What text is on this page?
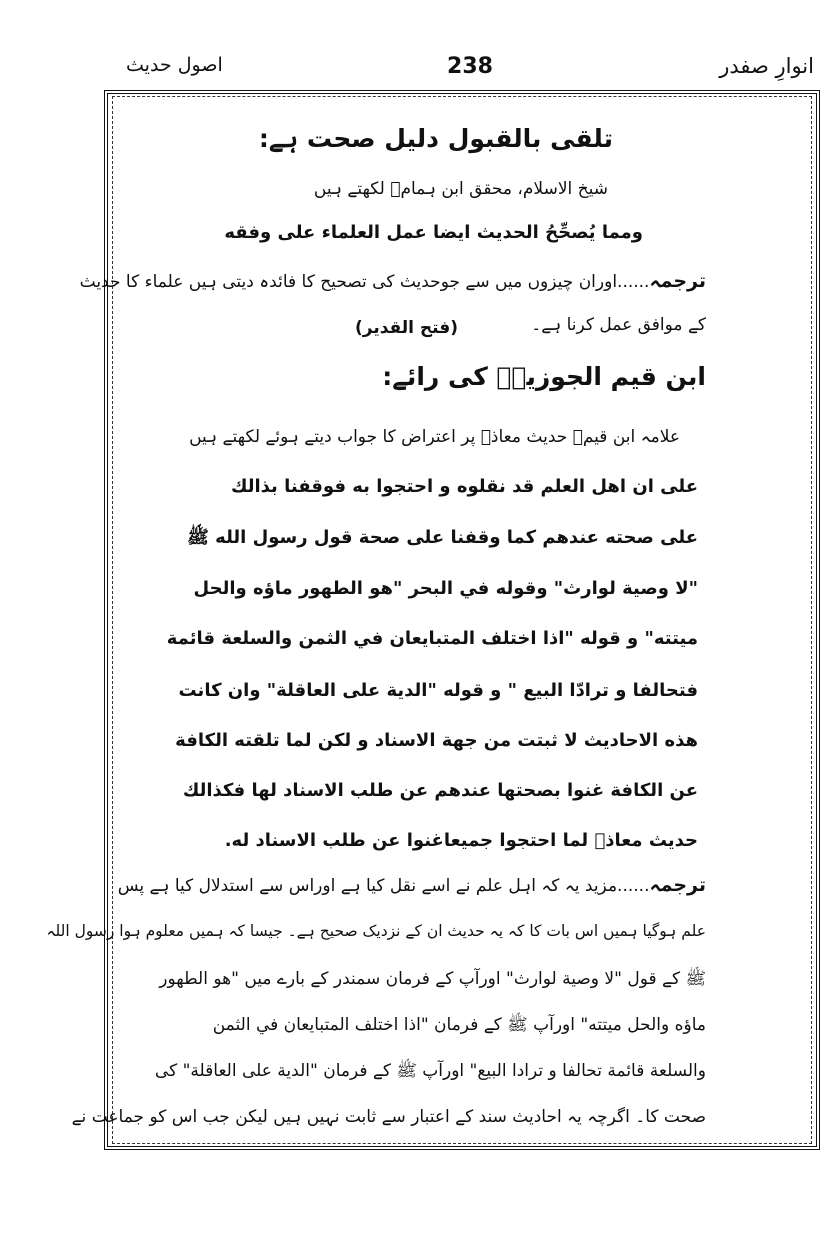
انوارِ صفدر
238
اصول حدیث
تلقی بالقبول دلیل صحت ہے:
شیخ الاسلام، محقق ابن ہمامؒ لکھتے ہیں
ومما يُصحِّحُ الحديث ايضا عمل العلماء على وفقه
ترجمہ......اوران چیزوں میں سے جوحدیث کی تصحیح کا فائدہ دیتی ہیں علماء کا حدیث
کے موافق عمل کرنا ہے۔
(فتح القدير)
ابن قیم الجوزیہؒ کی رائے:
علامہ ابن قیمؒ حدیث معاذؓ پر اعتراض کا جواب دیتے ہوئے لکھتے ہیں
على ان اهل العلم قد نقلوه و احتجوا به فوقفنا بذالك
على صحته عندهم كما وقفنا على صحة قول رسول الله ﷺ
"لا وصية لوارث" وقوله في البحر "هو الطهور ماؤه والحل
ميتته" و قوله "اذا اختلف المتبايعان في الثمن والسلعة قائمة
فتحالفا و ترادّا البيع " و قوله "الدية على العاقلة" وان كانت
هذه الاحاديث لا ثبتت من جهة الاسناد و لكن لما تلقته الكافة
عن الكافة غنوا بصحتها عندهم عن طلب الاسناد لها فكذالك
حديث معاذؓ لما احتجوا جميعاغنوا عن طلب الاسناد له.
ترجمہ......مزید یہ کہ اہل علم نے اسے نقل کیا ہے اوراس سے استدلال کیا ہے پس
علم ہوگیا ہمیں اس بات کا کہ یہ حدیث ان کے نزدیک صحیح ہے۔ جیسا کہ ہمیں معلوم ہوا رسول اللہ
ﷺ کے قول "لا وصية لوارث" اورآپ کے فرمان سمندر کے بارے میں "هو الطهور
ماؤه والحل ميتته" اورآپ ﷺ کے فرمان "اذا اختلف المتبايعان في الثمن
والسلعة قائمة تحالفا و ترادا البيع" اورآپ ﷺ کے فرمان "الدية على العاقلة" کی
صحت کا۔ اگرچہ یہ احادیث سند کے اعتبار سے ثابت نہیں ہیں لیکن جب اس کو جماعت نے
